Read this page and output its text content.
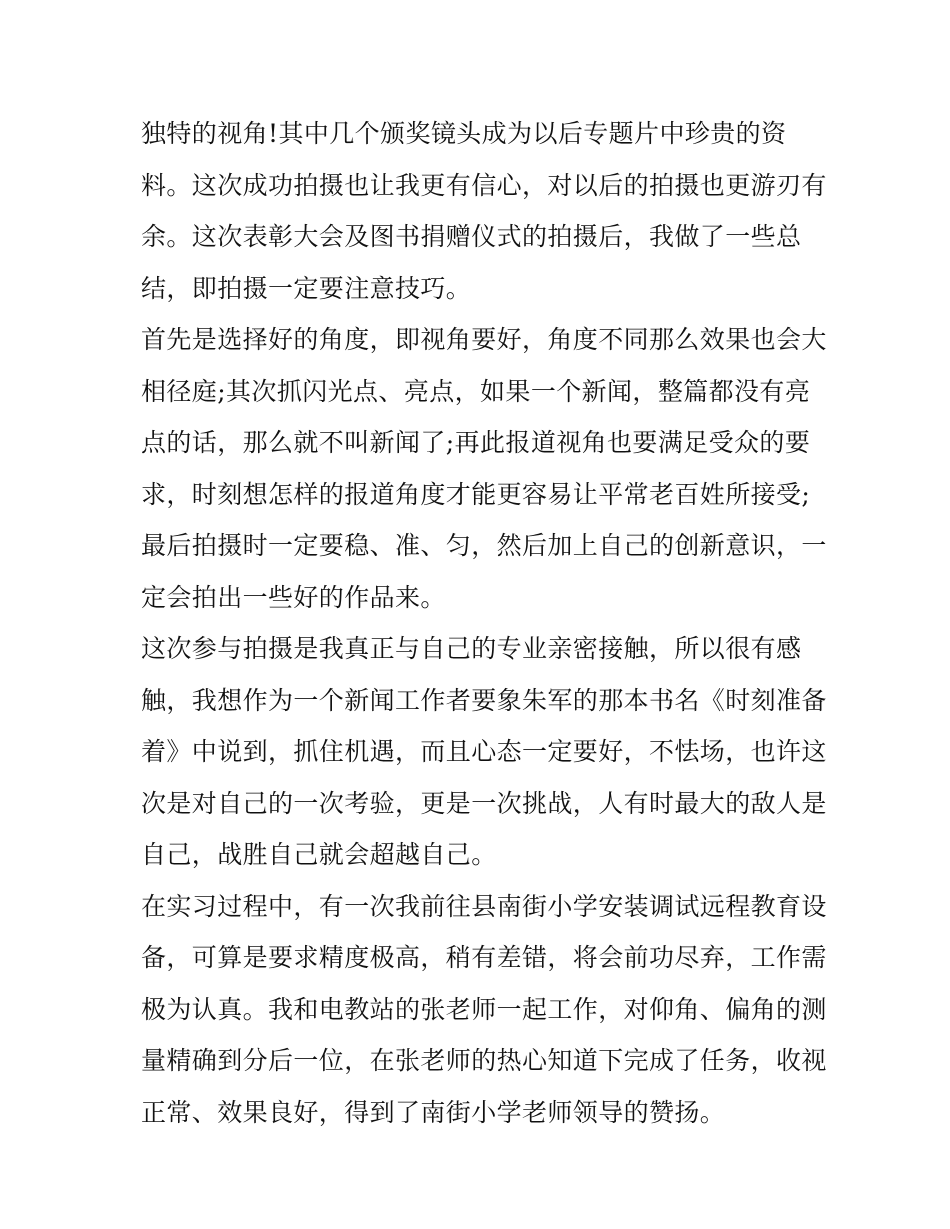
独特的视角!其中几个颁奖镜头成为以后专题片中珍贵的资
料。这次成功拍摄也让我更有信心，对以后的拍摄也更游刃有
余。这次表彰大会及图书捐赠仪式的拍摄后，我做了一些总
结，即拍摄一定要注意技巧。
首先是选择好的角度，即视角要好，角度不同那么效果也会大
相径庭;其次抓闪光点、亮点，如果一个新闻，整篇都没有亮
点的话，那么就不叫新闻了;再此报道视角也要满足受众的要
求，时刻想怎样的报道角度才能更容易让平常老百姓所接受;
最后拍摄时一定要稳、准、匀，然后加上自己的创新意识，一
定会拍出一些好的作品来。
这次参与拍摄是我真正与自己的专业亲密接触，所以很有感
触，我想作为一个新闻工作者要象朱军的那本书名《时刻准备
着》中说到，抓住机遇，而且心态一定要好，不怯场，也许这
次是对自己的一次考验，更是一次挑战，人有时最大的敌人是
自己，战胜自己就会超越自己。
在实习过程中，有一次我前往县南街小学安装调试远程教育设
备，可算是要求精度极高，稍有差错，将会前功尽弃，工作需
极为认真。我和电教站的张老师一起工作，对仰角、偏角的测
量精确到分后一位，在张老师的热心知道下完成了任务，收视
正常、效果良好，得到了南街小学老师领导的赞扬。
